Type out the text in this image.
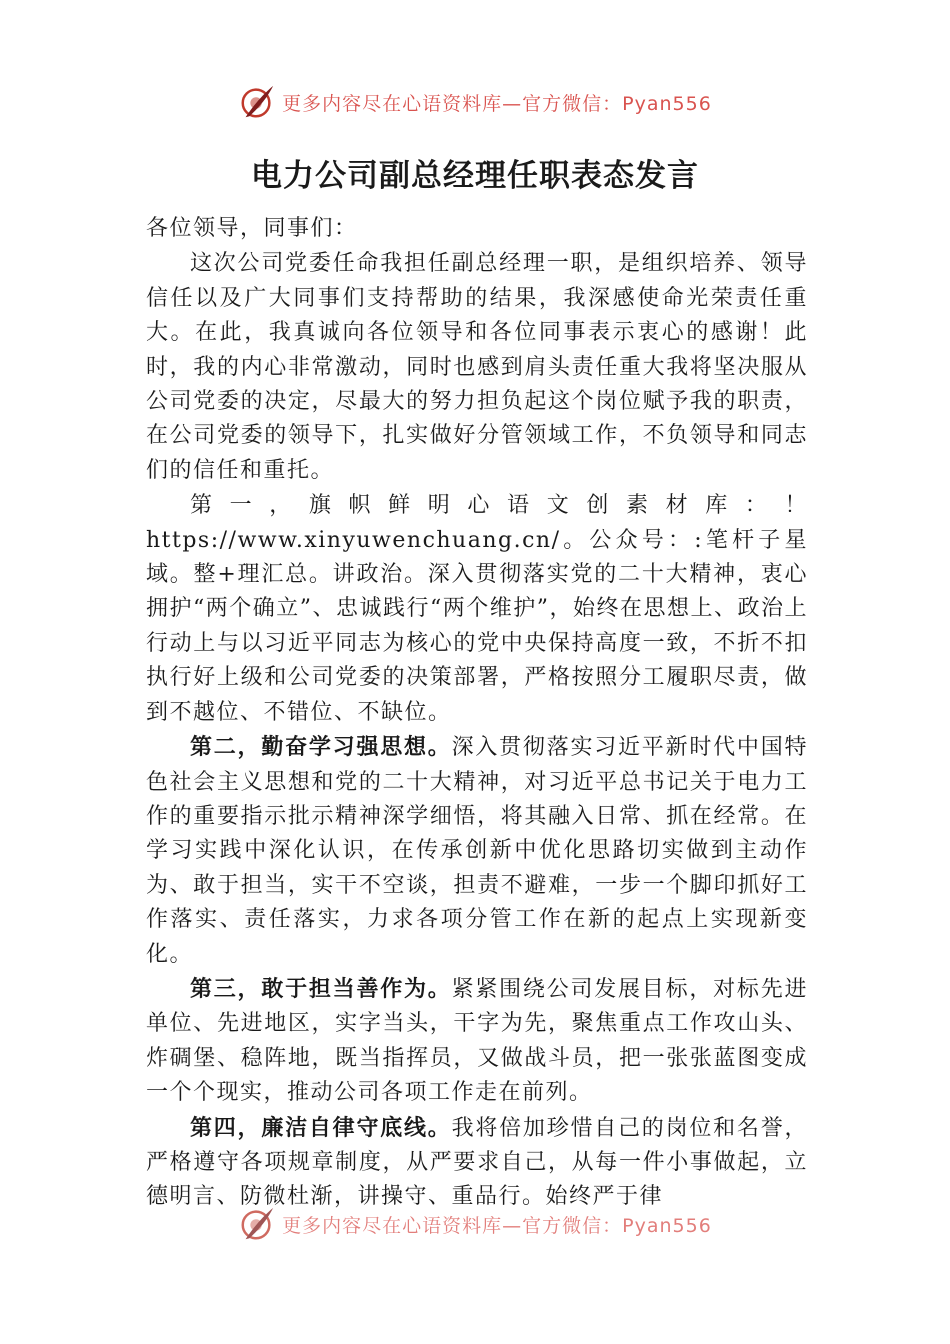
更多内容尽在心语资料库—官方微信：Pyan556
电力公司副总经理任职表态发言

各位领导，同事们：

这次公司党委任命我担任副总经理一职，是组织培养、领导信任以及广大同事们支持帮助的结果，我深感使命光荣责任重大。在此，我真诚向各位领导和各位同事表示衷心的感谢！此时，我的内心非常激动，同时也感到肩头责任重大我将坚决服从公司党委的决定，尽最大的努力担负起这个岗位赋予我的职责，在公司党委的领导下，扎实做好分管领域工作，不负领导和同志们的信任和重托。

第一，旗帜鲜明心语文创素材库：！https://www.xinyuwenchuang.cn/。公众号：:笔杆子星域。整+理汇总。讲政治。深入贯彻落实党的二十大精神，衷心拥护“两个确立”、忠诚践行“两个维护”，始终在思想上、政治上行动上与以习近平同志为核心的党中央保持高度一致，不折不扣执行好上级和公司党委的决策部署，严格按照分工履职尽责，做到不越位、不错位、不缺位。

第二，勤奋学习强思想。深入贯彻落实习近平新时代中国特色社会主义思想和党的二十大精神，对习近平总书记关于电力工作的重要指示批示精神深学细悟，将其融入日常、抓在经常。在学习实践中深化认识，在传承创新中优化思路切实做到主动作为、敢于担当，实干不空谈，担责不避难，一步一个脚印抓好工作落实、责任落实，力求各项分管工作在新的起点上实现新变化。

第三，敢于担当善作为。紧紧围绕公司发展目标，对标先进单位、先进地区，实字当头，干字为先，聚焦重点工作攻山头、炸碉堡、稳阵地，既当指挥员，又做战斗员，把一张张蓝图变成一个个现实，推动公司各项工作走在前列。

第四，廉洁自律守底线。我将倍加珍惜自己的岗位和名誉，严格遵守各项规章制度，从严要求自己，从每一件小事做起，立德明言、防微杜渐，讲操守、重品行。始终严于律

更多内容尽在心语资料库—官方微信：Pyan556
